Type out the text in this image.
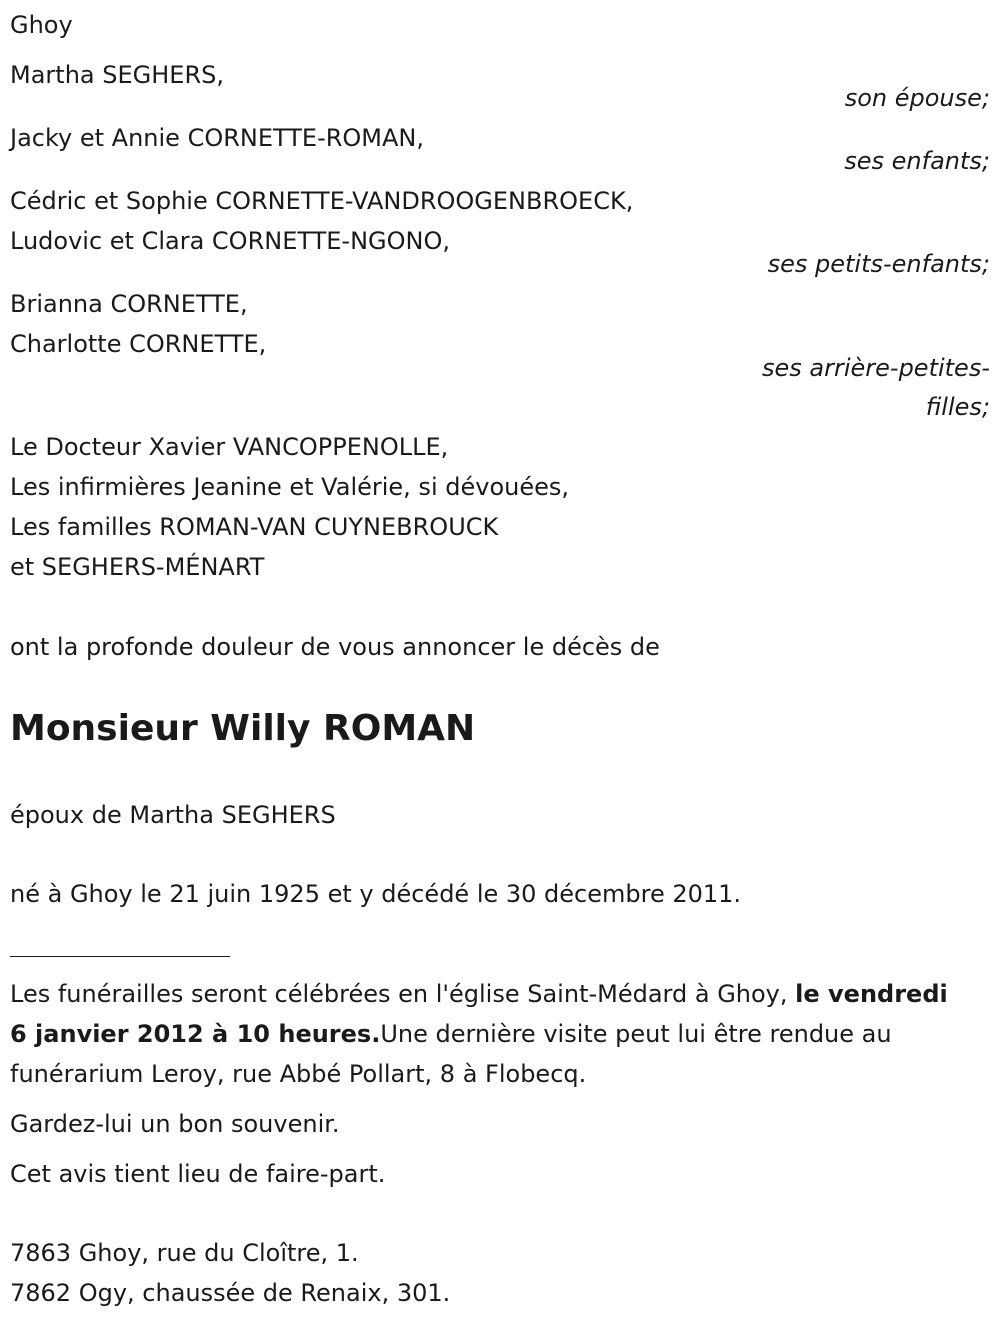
Ghoy

Martha SEGHERS,

son épouse;

Jacky et Annie CORNETTE-ROMAN,

ses enfants;

Cédric et Sophie CORNETTE-VANDROOGENBROECK,

Ludovic et Clara CORNETTE-NGONO,

ses petits-enfants;

Brianna CORNETTE,

Charlotte CORNETTE,

ses arrière-petites-

filles;

Le Docteur Xavier VANCOPPENOLLE,

Les infirmières Jeanine et Valérie, si dévouées,

Les familles ROMAN-VAN CUYNEBROUCK

et SEGHERS-MÉNART

ont la profonde douleur de vous annoncer le décès de

Monsieur Willy ROMAN

époux de Martha SEGHERS

né à Ghoy le 21 juin 1925 et y décédé le 30 décembre 2011.

Les funérailles seront célébrées en l'église Saint-Médard à Ghoy, le vendredi 6 janvier 2012 à 10 heures.Une dernière visite peut lui être rendue au funérarium Leroy, rue Abbé Pollart, 8 à Flobecq.

Gardez-lui un bon souvenir.

Cet avis tient lieu de faire-part.

7863 Ghoy, rue du Cloître, 1.

7862 Ogy, chaussée de Renaix, 301.
